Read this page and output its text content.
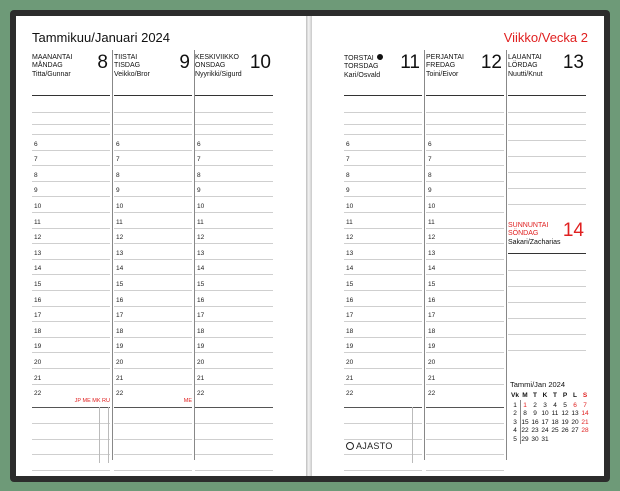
Tammikuu/Januari 2024
MAANANTAI
MÅNDAG
Titta/Gunnar
8
6
7
8
9
10
11
12
13
14
15
16
17
18
19
20
21
22
JP ME MK RU
TIISTAI
TISDAG
Veikko/Bror
9
6
7
8
9
10
11
12
13
14
15
16
17
18
19
20
21
22
ME
KESKIVIIKKO
ONSDAG
Nyyrikki/Sigurd
10
6
7
8
9
10
11
12
13
14
15
16
17
18
19
20
21
22
Viikko/Vecka 2
TORSTAI
TORSDAG
Kari/Osvald
11
6
7
8
9
10
11
12
13
14
15
16
17
18
19
20
21
22
PERJANTAI
FREDAG
Toini/Eivor
12
6
7
8
9
10
11
12
13
14
15
16
17
18
19
20
21
22
LAUANTAI
LÖRDAG
Nuutti/Knut
13
SUNNUNTAI
SÖNDAG
Sakari/Zacharias
14
Tammi/Jan 2024
Vk M T K T P L S
1 1 2 3 4 5 6 7
2 8 9 10 11 12 13 14
3 15 16 17 18 19 20 21
4 22 23 24 25 26 27 28
5 29 30 31
AJASTO
